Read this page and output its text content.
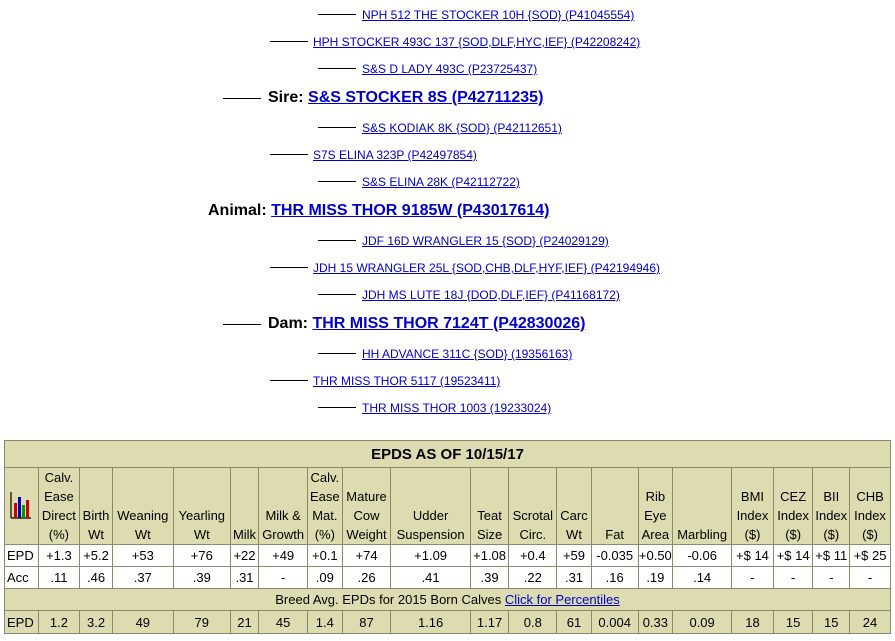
NPH 512 THE STOCKER 10H {SOD} (P41045554)
HPH STOCKER 493C 137 {SOD,DLF,HYC,IEF} (P42208242)
S&S D LADY 493C (P23725437)
Sire: S&S STOCKER 8S (P42711235)
S&S KODIAK 8K {SOD} (P42112651)
S7S ELINA 323P (P42497854)
S&S ELINA 28K (P42112722)
Animal: THR MISS THOR 9185W (P43017614)
JDF 16D WRANGLER 15 {SOD} (P24029129)
JDH 15 WRANGLER 25L {SOD,CHB,DLF,HYF,IEF} (P42194946)
JDH MS LUTE 18J {DOD,DLF,IEF} (P41168172)
Dam: THR MISS THOR 7124T (P42830026)
HH ADVANCE 311C {SOD} (19356163)
THR MISS THOR 5117 (19523411)
THR MISS THOR 1003 (19233024)
EPDS AS OF 10/15/17																			
	Calv. Ease Direct (%)	Birth Wt	Weaning Wt	Yearling Wt	Milk	Milk & Growth	Calv. Ease Mat. (%)	Mature Cow Weight	Udder Suspension	Teat Size	Scrotal Circ.	Carc Wt	Fat	Rib Eye Area	Marbling	BMI Index ($)	CEZ Index ($)	BII Index ($)	CHB Index ($)
EPD	+1.3	+5.2	+53	+76	+22	+49	+0.1	+74	+1.09	+1.08	+0.4	+59	-0.035	+0.50	-0.06	+$ 14	+$ 14	+$ 11	+$ 25
Acc	.11	.46	.37	.39	.31	-	.09	.26	.41	.39	.22	.31	.16	.19	.14	-	-	-	-
Breed Avg. EPDs for 2015 Born Calves Click for Percentiles																			
EPD	1.2	3.2	49	79	21	45	1.4	87	1.16	1.17	0.8	61	0.004	0.33	0.09	18	15	15	24
